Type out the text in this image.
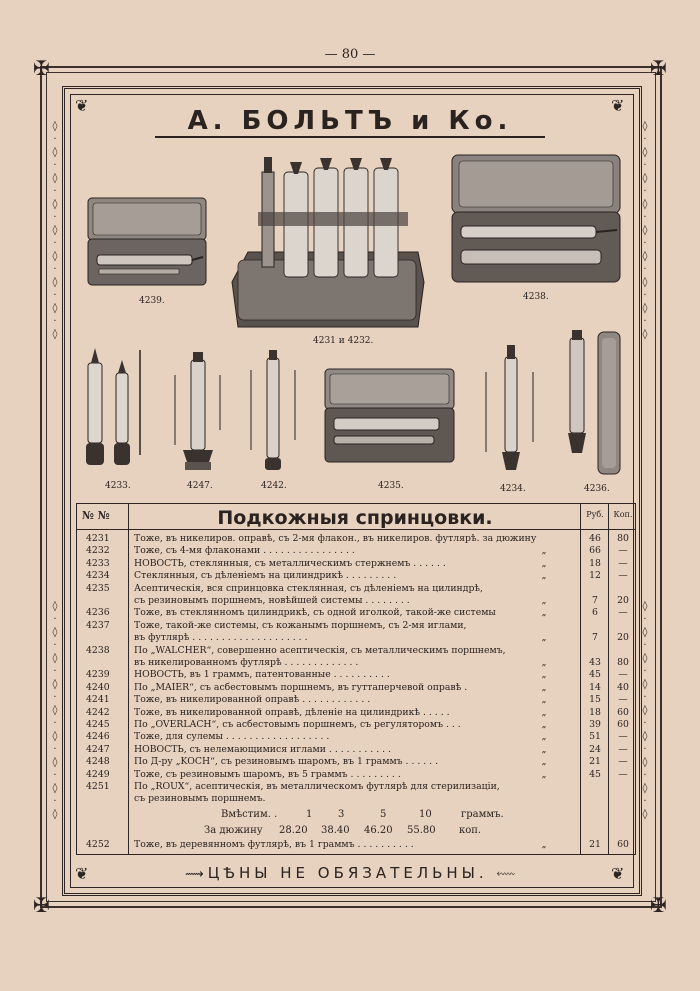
— 80 —
✠	✠
✠	✠
❦	❦
❦	❦
◊
·
◊
·
◊
·
◊
·
◊
·
◊
·
◊
·
◊
·
◊
◊
·
◊
·
◊
·
◊
·
◊
·
◊
·
◊
·
◊
·
◊
◊
·
◊
·
◊
·
◊
·
◊
·
◊
·
◊
·
◊
·
◊
◊
·
◊
·
◊
·
◊
·
◊
·
◊
·
◊
·
◊
·
◊
А. БОЛЬТЪ и Ко.
4239.
4231 и 4232.
4238.
4233.	4247.	4242.	4235.	4234.	4236.
№ №	Подкожныя спринцовки.	Руб.	Коп.
4231	Тоже, въ никелиров. оправѣ, съ 2-мя флакон., въ никелиров. футлярѣ. за дюжину	46	80
4232	Тоже, съ 4-мя флаконами . . . . . . . . . . . . . . . .	„	66	—
4233	НОВОСТЬ, стеклянныя, съ металлическимъ стержнемъ . . . . . .	„	18	—
4234	Стеклянныя, съ дѣленіемъ на цилиндрикѣ . . . . . . . . .	„	12	—
4235	Асептическія, вся спринцовка стеклянная, съ дѣленіемъ на цилиндрѣ,
съ резиновымъ поршнемъ, новѣйшей системы . . . . . . . .	„	7	20
4236	Тоже, въ стеклянномъ цилиндрикѣ, съ одной иголкой, такой-же системы	„	6	—
4237	Тоже, такой-же системы, съ кожанымъ поршнемъ, съ 2-мя иглами,
въ футлярѣ . . . . . . . . . . . . . . . . . . . .	„	7	20
4238	По „WALCHER“, совершенно асептическія, съ металлическимъ поршнемъ,
въ никелированномъ футлярѣ . . . . . . . . . . . . .	„	43	80
4239	НОВОСТЬ, въ 1 граммъ, патентованные . . . . . . . . . .	„	45	—
4240	По „MAIER“, съ асбестовымъ поршнемъ, въ гуттаперчевой оправѣ .	„	14	40
4241	Тоже, въ никелированной оправѣ . . . . . . . . . . . .	„	15	—
4242	Тоже, въ никелированной оправѣ, дѣленіе на цилиндрикѣ . . . . .	„	18	60
4245	По „OVERLACH“, съ асбестовымъ поршнемъ, съ регуляторомъ . . .	„	39	60
4246	Тоже, для сулемы . . . . . . . . . . . . . . . . . .	„	51	—
4247	НОВОСТЬ, съ нелемающимися иглами . . . . . . . . . . .	„	24	—
4248	По Д-ру „KOCH“, съ резиновымъ шаромъ, въ 1 граммъ . . . . . .	„	21	—
4249	Тоже, съ резиновымъ шаромъ, въ 5 граммъ . . . . . . . . .	„	45	—
4251	По „ROUX“, асептическія, въ металлическомъ футлярѣ для стерилизаціи,
съ резиновымъ поршнемъ.
Вмѣстим. .	1	3	5	10	граммъ.
За дюжину 28.20 38.40 46.20 55.80 коп.
4252	Тоже, въ деревянномъ футлярѣ, въ 1 граммъ . . . . . . . . . .	„	21	60
⟿ ЦѢНЫ НЕ ОБЯЗАТЕЛЬНЫ. ⬳
